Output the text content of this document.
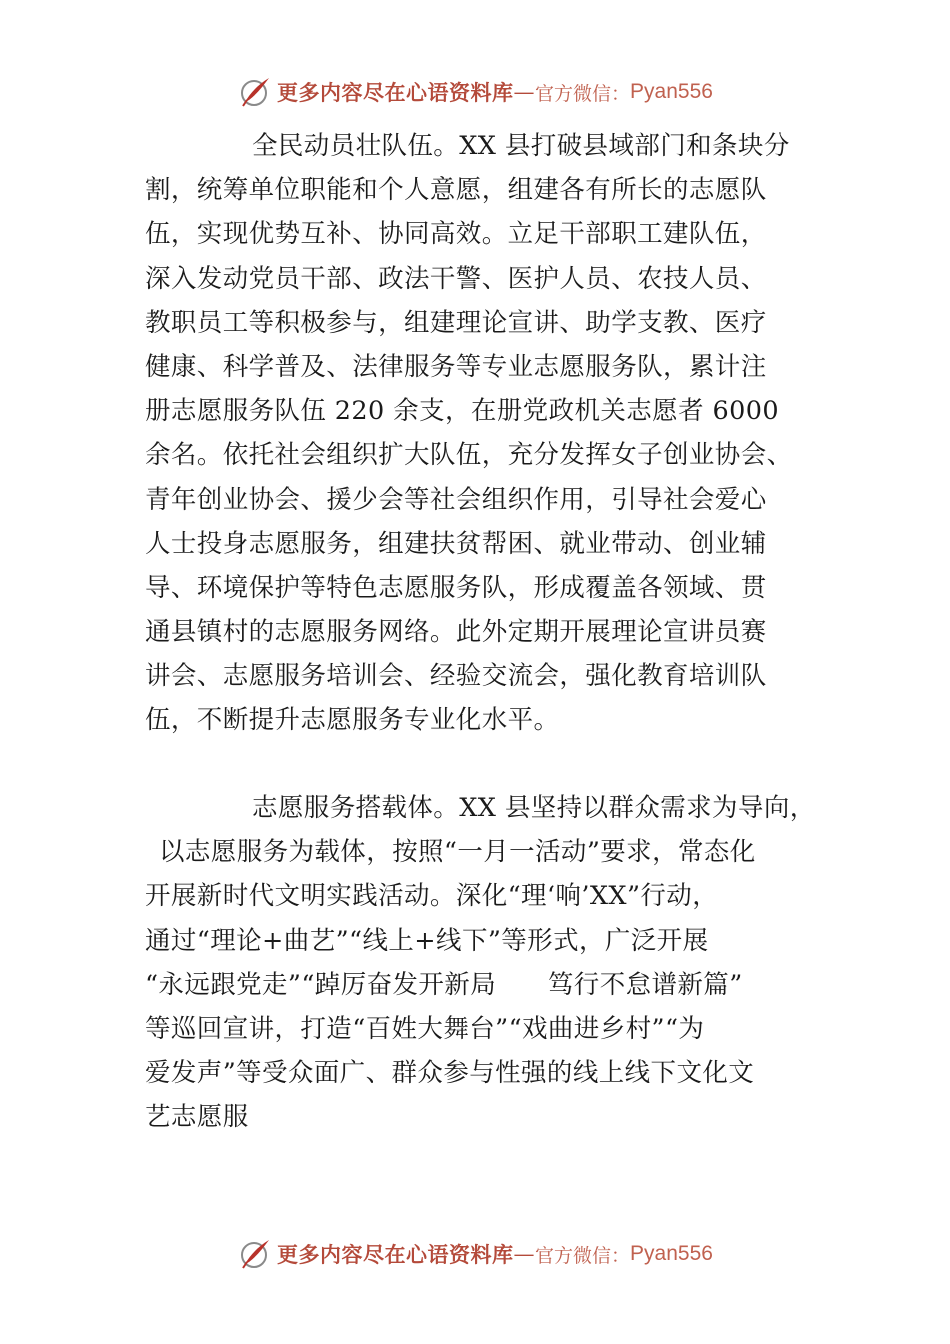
更多内容尽在心语资料库 — 官方微信： Pyan556
全民动员壮队伍。XX 县打破县域部门和条块分
割，统筹单位职能和个人意愿，组建各有所长的志愿队
伍，实现优势互补、协同高效。立足干部职工建队伍，
深入发动党员干部、政法干警、医护人员、农技人员、
教职员工等积极参与，组建理论宣讲、助学支教、医疗
健康、科学普及、法律服务等专业志愿服务队，累计注
册志愿服务队伍 220 余支，在册党政机关志愿者 6000
余名。依托社会组织扩大队伍，充分发挥女子创业协会、
青年创业协会、援少会等社会组织作用，引导社会爱心
人士投身志愿服务，组建扶贫帮困、就业带动、创业辅
导、环境保护等特色志愿服务队，形成覆盖各领域、贯
通县镇村的志愿服务网络。此外定期开展理论宣讲员赛
讲会、志愿服务培训会、经验交流会，强化教育培训队
伍，不断提升志愿服务专业化水平。
志愿服务搭载体。XX 县坚持以群众需求为导向，
以志愿服务为载体，按照“一月一活动”要求，常态化
开展新时代文明实践活动。深化“理‘响’XX”行动，
通过“理论+曲艺”“线上+线下”等形式，广泛开展
“永远跟党走”“踔厉奋发开新局　　笃行不怠谱新篇”
等巡回宣讲，打造“百姓大舞台”“戏曲进乡村”“为
爱发声”等受众面广、群众参与性强的线上线下文化文
艺志愿服
更多内容尽在心语资料库 — 官方微信： Pyan556
